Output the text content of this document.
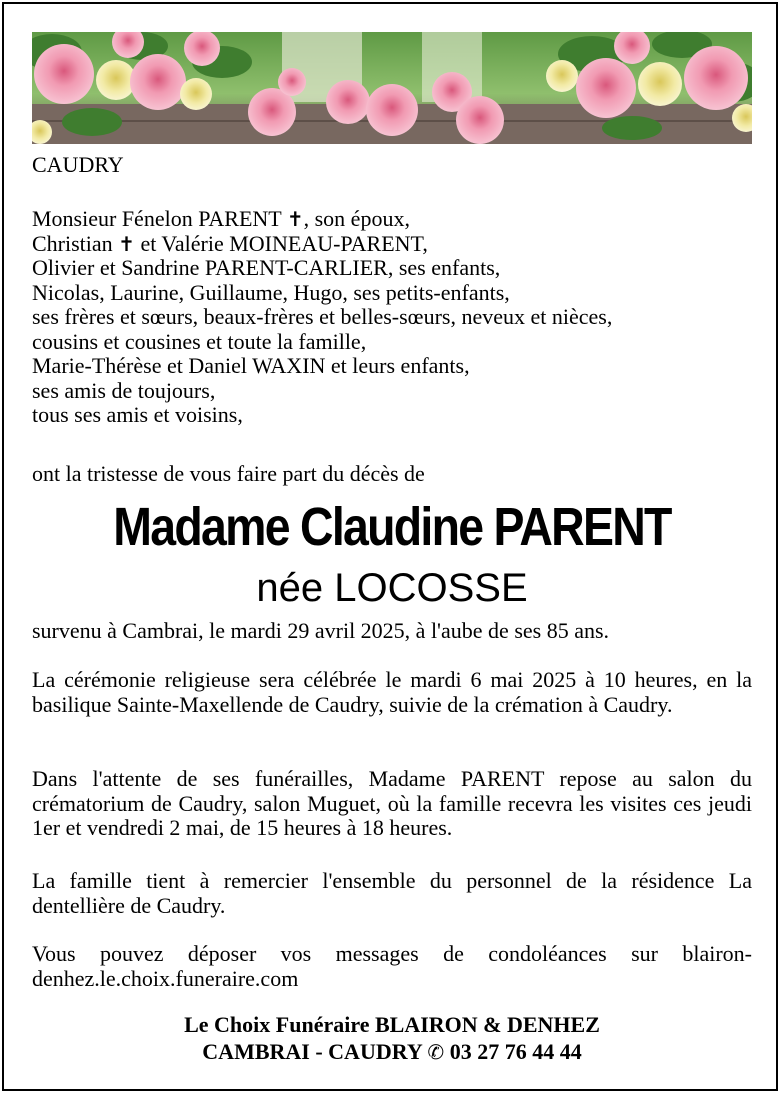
CAUDRY
Monsieur Fénelon PARENT ✝, son époux,
Christian ✝ et Valérie MOINEAU-PARENT,
Olivier et Sandrine PARENT-CARLIER, ses enfants,
Nicolas, Laurine, Guillaume, Hugo, ses petits-enfants,
ses frères et sœurs, beaux-frères et belles-sœurs, neveux et nièces,
cousins et cousines et toute la famille,
Marie-Thérèse et Daniel WAXIN et leurs enfants,
ses amis de toujours,
tous ses amis et voisins,
ont la tristesse de vous faire part du décès de
Madame Claudine PARENT
née LOCOSSE
survenu à Cambrai, le mardi 29 avril 2025, à l'aube de ses 85 ans.
La cérémonie religieuse sera célébrée le mardi 6 mai 2025 à 10 heures, en la basilique Sainte-Maxellende de Caudry, suivie de la crémation à Caudry.
Dans l'attente de ses funérailles, Madame PARENT repose au salon du crématorium de Caudry, salon Muguet, où la famille recevra les visites ces jeudi 1er et vendredi 2 mai, de 15 heures à 18 heures.
La famille tient à remercier l'ensemble du personnel de la résidence La dentellière de Caudry.
Vous pouvez déposer vos messages de condoléances sur blairon-denhez.le.choix.funeraire.com
Le Choix Funéraire BLAIRON & DENHEZ
CAMBRAI - CAUDRY ✆ 03 27 76 44 44
